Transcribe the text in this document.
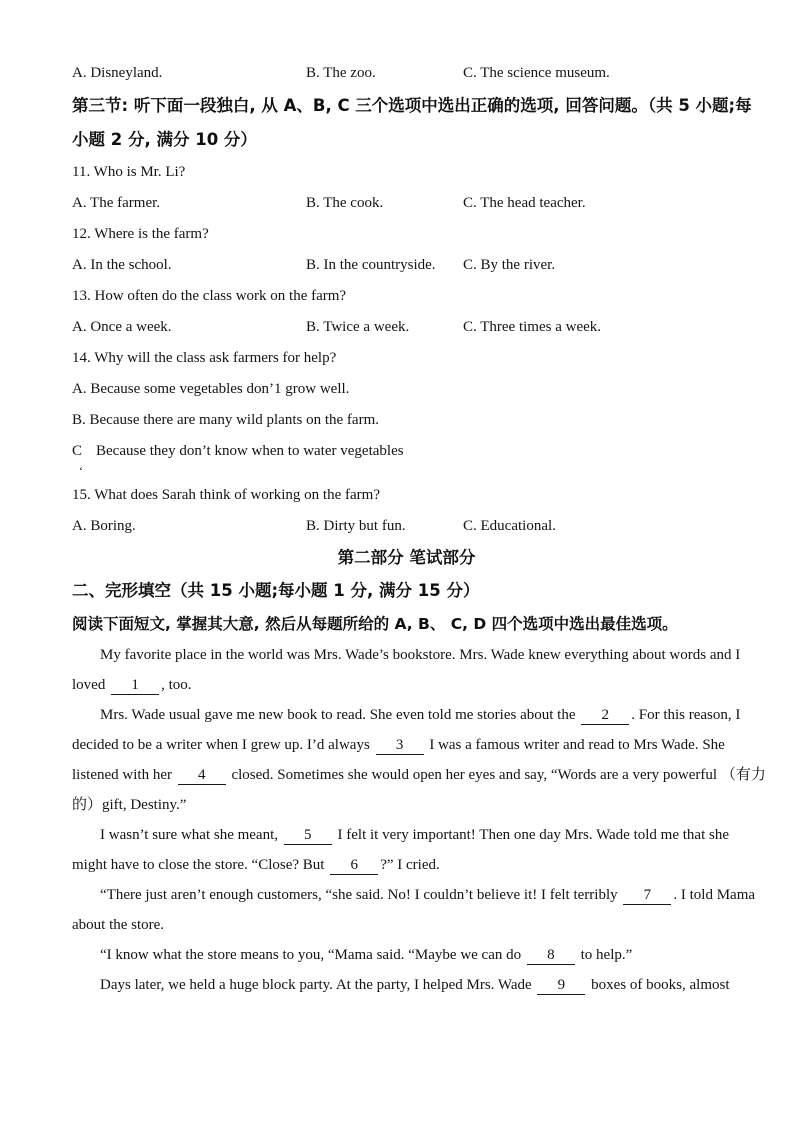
A. Disneyland.	B. The zoo.	C. The science museum.
第三节: 听下面一段独白, 从 A、B, C 三个选项中选出正确的选项, 回答问题。（共 5 小题;每
小题 2 分, 满分 10 分）
11. Who is Mr. Li?
A. The farmer.	B. The cook.	C. The head teacher.
12. Where is the farm?
A. In the school.	B. In the countryside.	C. By the river.
13. How often do the class work on the farm?
A. Once a week.	B. Twice a week.	C. Three times a week.
14. Why will the class ask farmers for help?
A. Because some vegetables don’1 grow well.
B. Because there are many wild plants on the farm.
C Because they don’t know when to water vegetables
‘
15. What does Sarah think of working on the farm?
A. Boring.	B. Dirty but fun.	C. Educational.
第二部分 笔试部分
二、完形填空（共 15 小题;每小题 1 分, 满分 15 分）
阅读下面短文, 掌握其大意, 然后从每题所给的 A, B、 C, D 四个选项中选出最佳选项。
My favorite place in the world was Mrs. Wade’s bookstore. Mrs. Wade knew everything about words and I
loved 1 , too.
Mrs. Wade usual gave me new book to read. She even told me stories about the 2 . For this reason, I
decided to be a writer when I grew up. I’d always 3 I was a famous writer and read to Mrs Wade. She
listened with her 4 closed. Sometimes she would open her eyes and say, “Words are a very powerful （有力
的）gift, Destiny.”
I wasn’t sure what she meant, 5 I felt it very important! Then one day Mrs. Wade told me that she
might have to close the store. “Close? But 6 ?” I cried.
“There just aren’t enough customers, “she said. No! I couldn’t believe it! I felt terribly 7 . I told Mama
about the store.
“I know what the store means to you, “Mama said. “Maybe we can do 8 to help.”
Days later, we held a huge block party. At the party, I helped Mrs. Wade 9 boxes of books, almost
